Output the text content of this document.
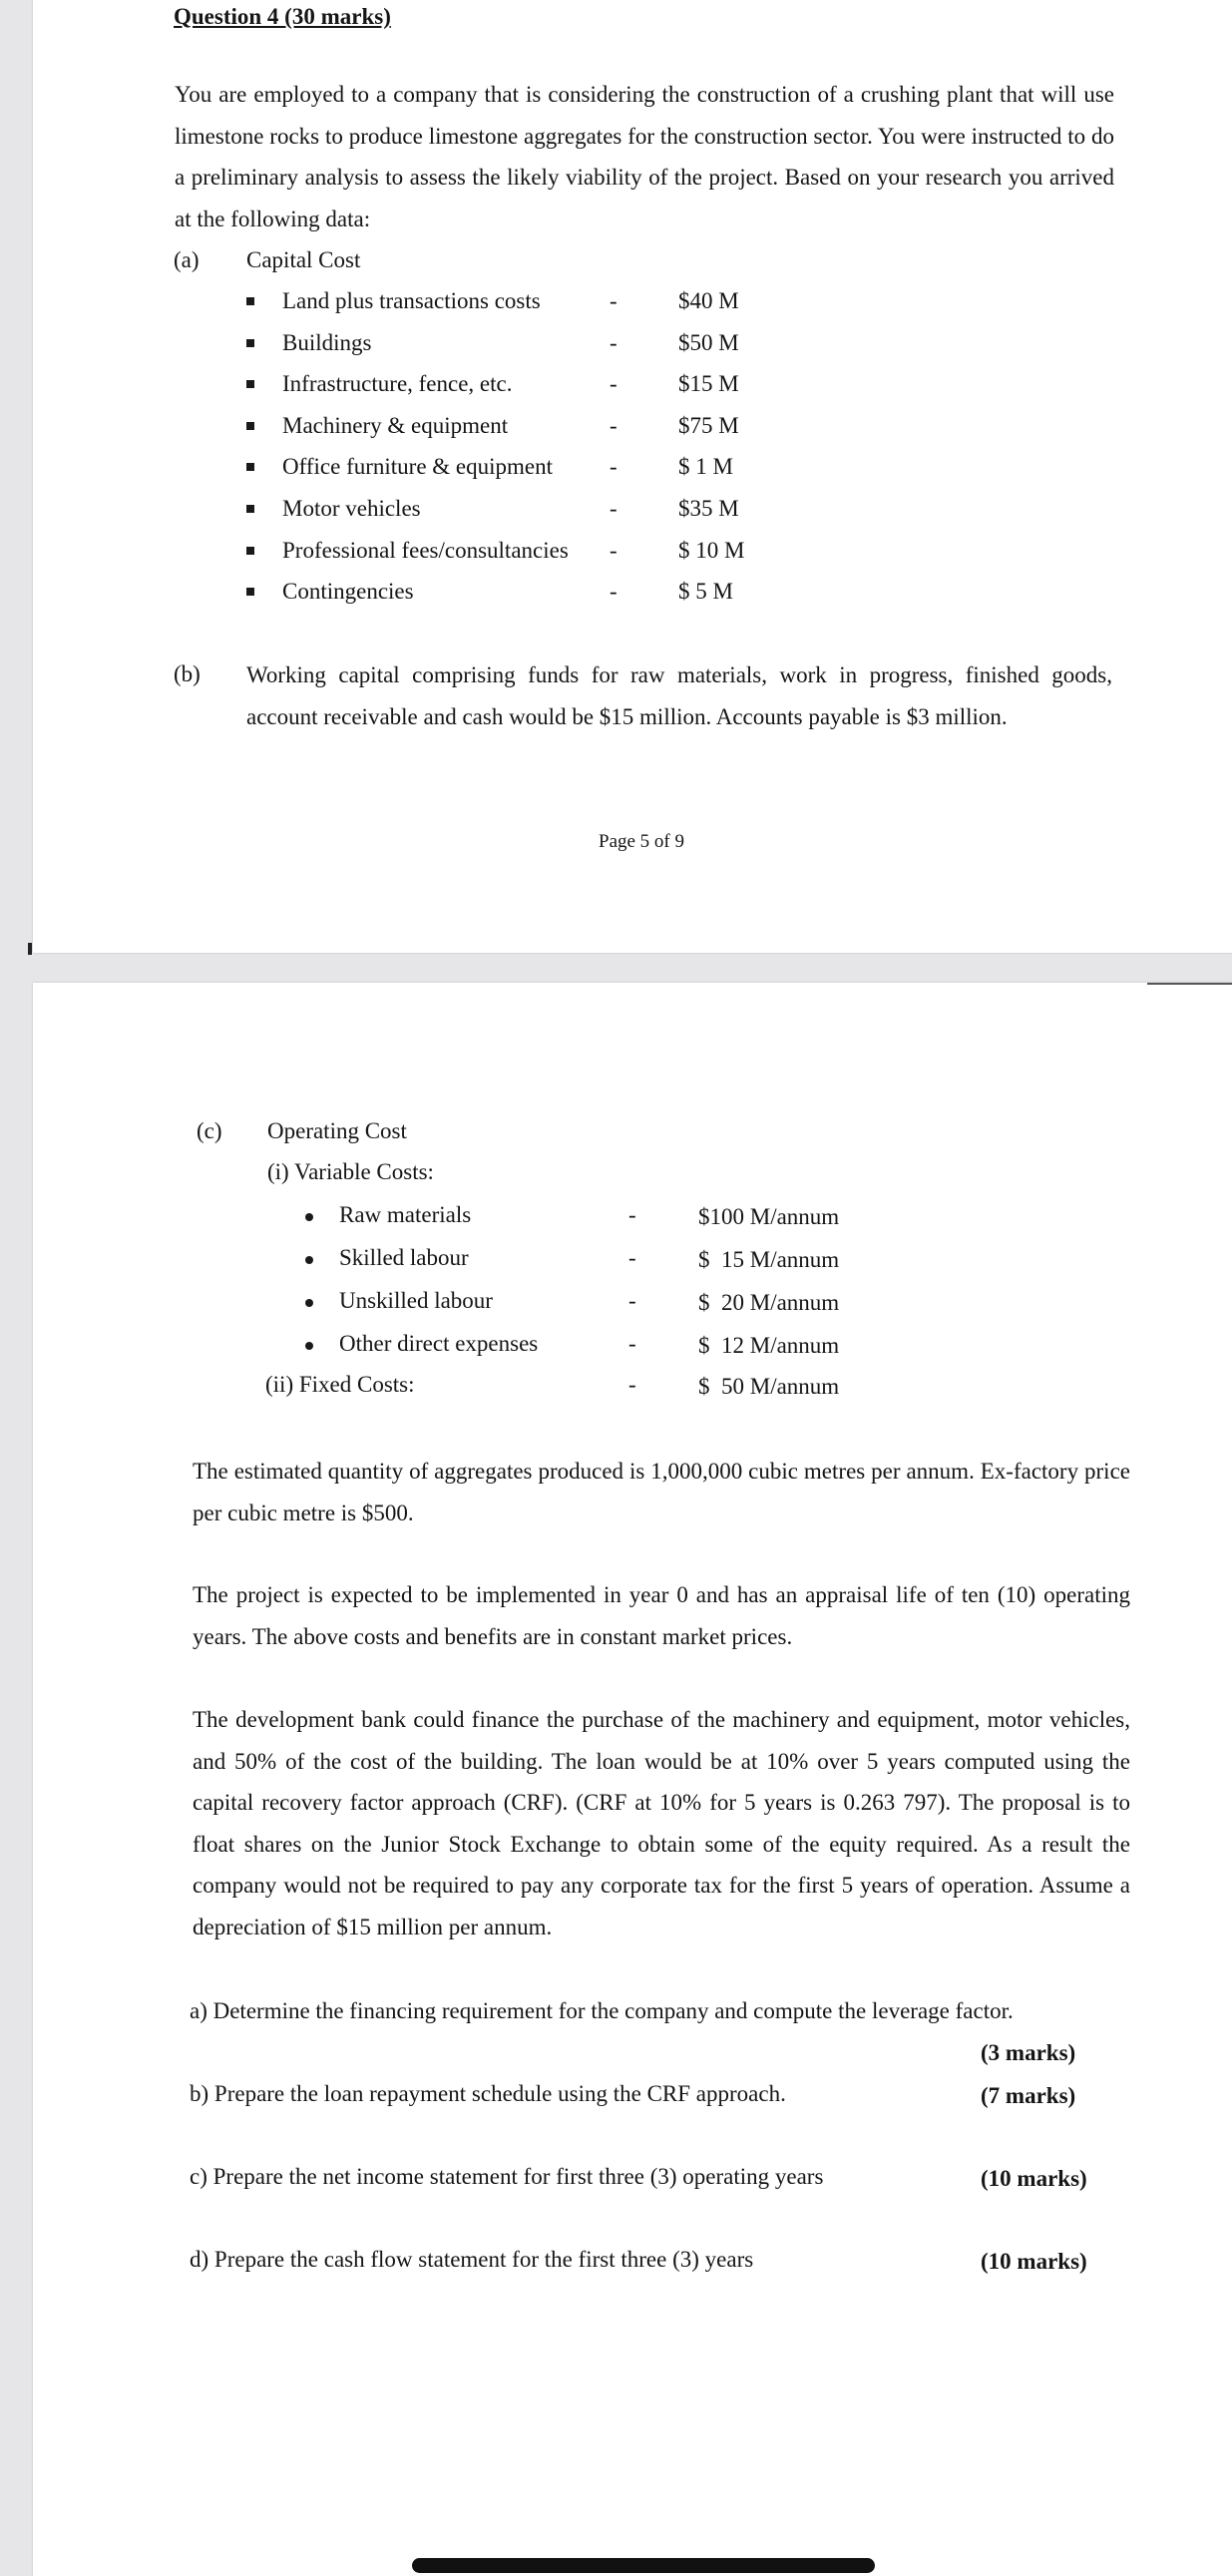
Question 4 (30 marks)
You are employed to a company that is considering the construction of a crushing plant that will use limestone rocks to produce limestone aggregates for the construction sector. You were instructed to do a preliminary analysis to assess the likely viability of the project. Based on your research you arrived at the following data:
(a) Capital Cost
Land plus transactions costs	-	$40 M
Buildings	-	$50 M
Infrastructure, fence, etc.	-	$15 M
Machinery & equipment	-	$75 M
Office furniture & equipment -	$ 1 M
Motor vehicles	-	$35 M
Professional fees/consultancies -	$ 10 M
Contingencies	-	$ 5 M
(b) Working capital comprising funds for raw materials, work in progress, finished goods, account receivable and cash would be $15 million. Accounts payable is $3 million.
Page 5 of 9
(c) Operating Cost
(i) Variable Costs:
Raw materials	-	$100 M/annum
Skilled labour	-	$  15 M/annum
Unskilled labour	-	$  20 M/annum
Other direct expenses	-	$  12 M/annum
(ii) Fixed Costs:	-	$  50 M/annum
The estimated quantity of aggregates produced is 1,000,000 cubic metres per annum. Ex-factory price per cubic metre is $500.
The project is expected to be implemented in year 0 and has an appraisal life of ten (10) operating years. The above costs and benefits are in constant market prices.
The development bank could finance the purchase of the machinery and equipment, motor vehicles, and 50% of the cost of the building. The loan would be at 10% over 5 years computed using the capital recovery factor approach (CRF). (CRF at 10% for 5 years is 0.263 797). The proposal is to float shares on the Junior Stock Exchange to obtain some of the equity required. As a result the company would not be required to pay any corporate tax for the first 5 years of operation. Assume a depreciation of $15 million per annum.
a) Determine the financing requirement for the company and compute the leverage factor.
(3 marks)
b) Prepare the loan repayment schedule using the CRF approach.	(7 marks)
c) Prepare the net income statement for first three (3) operating years	(10 marks)
d) Prepare the cash flow statement for the first three (3) years	(10 marks)
